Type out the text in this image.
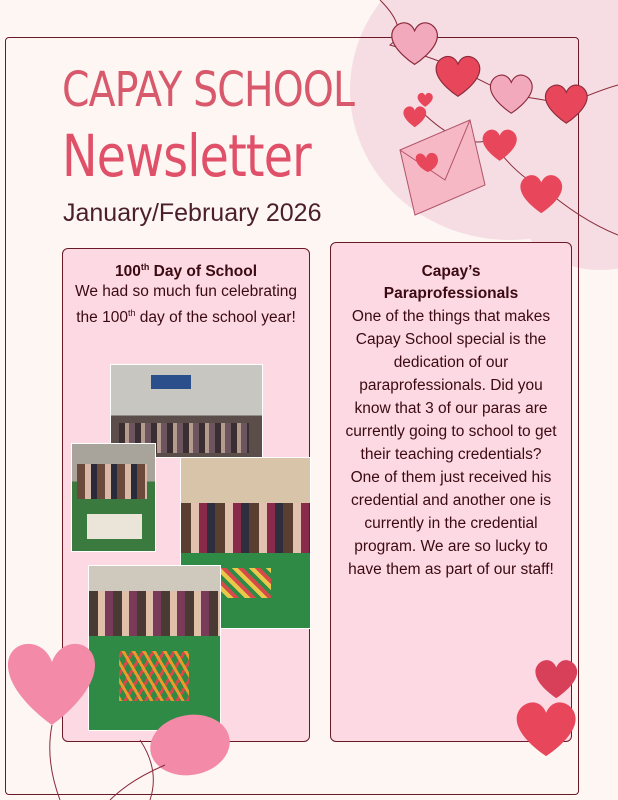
CAPAY SCHOOL
Newsletter
January/February 2026
100th Day of School
We had so much fun celebrating the 100th day of the school year!
Capay’s
Paraprofessionals
One of the things that makes Capay School special is the dedication of our paraprofessionals. Did you know that 3 of our paras are currently going to school to get their teaching credentials? One of them just received his credential and another one is currently in the credential program. We are so lucky to have them as part of our staff!
